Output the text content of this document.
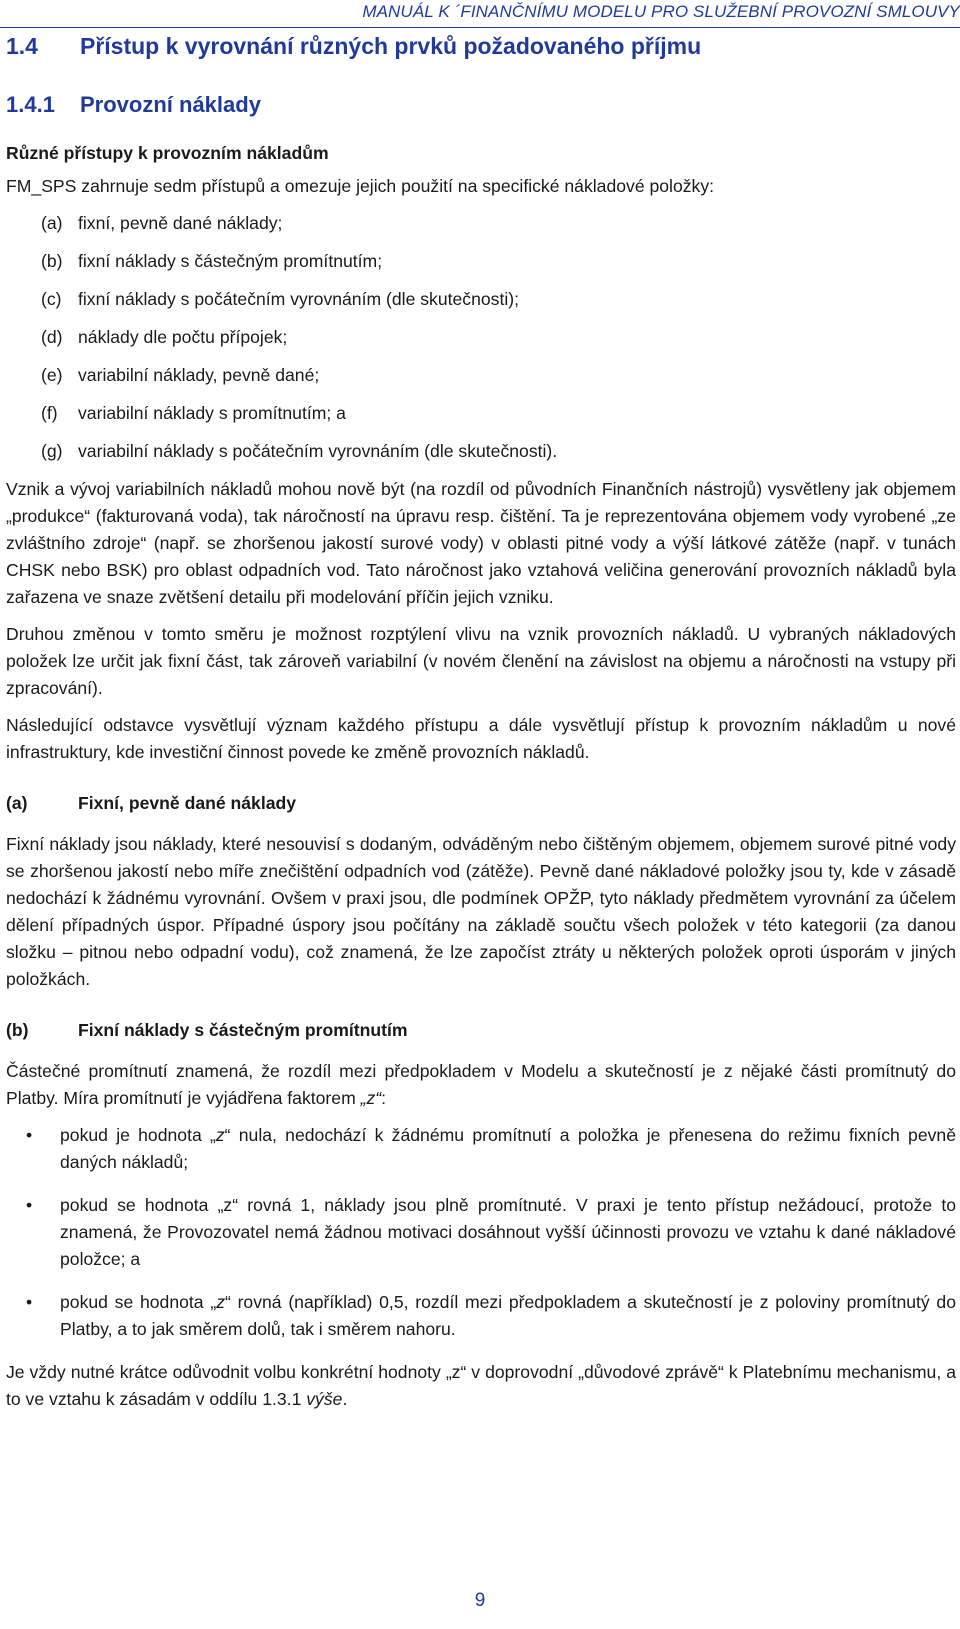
MANUÁL K ´FINANČNÍMU MODELU PRO SLUŽEBNÍ PROVOZNÍ SMLOUVY
1.4 Přístup k vyrovnání různých prvků požadovaného příjmu
1.4.1 Provozní náklady

Různé přístupy k provozním nákladům

FM_SPS zahrnuje sedm přístupů a omezuje jejich použití na specifické nákladové položky:

(a) fixní, pevně dané náklady;
(b) fixní náklady s částečným promítnutím;
(c) fixní náklady s počátečním vyrovnáním (dle skutečnosti);
(d) náklady dle počtu přípojek;
(e) variabilní náklady, pevně dané;
(f) variabilní náklady s promítnutím; a
(g) variabilní náklady s počátečním vyrovnáním (dle skutečnosti).

Vznik a vývoj variabilních nákladů mohou nově být (na rozdíl od původních Finančních nástrojů) vysvětleny jak objemem „produkce“ (fakturovaná voda), tak náročností na úpravu resp. čištění. Ta je reprezentována objemem vody vyrobené „ze zvláštního zdroje“ (např. se zhoršenou jakostí surové vody) v oblasti pitné vody a výší látkové zátěže (např. v tunách CHSK nebo BSK) pro oblast odpadních vod. Tato náročnost jako vztahová veličina generování provozních nákladů byla zařazena ve snaze zvětšení detailu při modelování příčin jejich vzniku.

Druhou změnou v tomto směru je možnost rozptýlení vlivu na vznik provozních nákladů. U vybraných nákladových položek lze určit jak fixní část, tak zároveň variabilní (v novém členění na závislost na objemu a náročnosti na vstupy při zpracování).

Následující odstavce vysvětlují význam každého přístupu a dále vysvětlují přístup k provozním nákladům u nové infrastruktury, kde investiční činnost povede ke změně provozních nákladů.

(a)	Fixní, pevně dané náklady

Fixní náklady jsou náklady, které nesouvisí s dodaným, odváděným nebo čištěným objemem, objemem surové pitné vody se zhoršenou jakostí nebo míře znečištění odpadních vod (zátěže). Pevně dané nákladové položky jsou ty, kde v zásadě nedochází k žádnému vyrovnání. Ovšem v praxi jsou, dle podmínek OPŽP, tyto náklady předmětem vyrovnání za účelem dělení případných úspor. Případné úspory jsou počítány na základě součtu všech položek v této kategorii (za danou složku – pitnou nebo odpadní vodu), což znamená, že lze započíst ztráty u některých položek oproti úsporám v jiných položkách.

(b)	Fixní náklady s částečným promítnutím

Částečné promítnutí znamená, že rozdíl mezi předpokladem v Modelu a skutečností je z nějaké části promítnutý do Platby. Míra promítnutí je vyjádřena faktorem „z“:

• pokud je hodnota „z“ nula, nedochází k žádnému promítnutí a položka je přenesena do režimu fixních pevně daných nákladů;
• pokud se hodnota „z“ rovná 1, náklady jsou plně promítnuté. V praxi je tento přístup nežádoucí, protože to znamená, že Provozovatel nemá žádnou motivaci dosáhnout vyšší účinnosti provozu ve vztahu k dané nákladové položce; a
• pokud se hodnota „z“ rovná (například) 0,5, rozdíl mezi předpokladem a skutečností je z poloviny promítnutý do Platby, a to jak směrem dolů, tak i směrem nahoru.

Je vždy nutné krátce odůvodnit volbu konkrétní hodnoty „z“ v doprovodní „důvodové zprávě“ k Platebnímu mechanismu, a to ve vztahu k zásadám v oddílu 1.3.1 výše.

9
